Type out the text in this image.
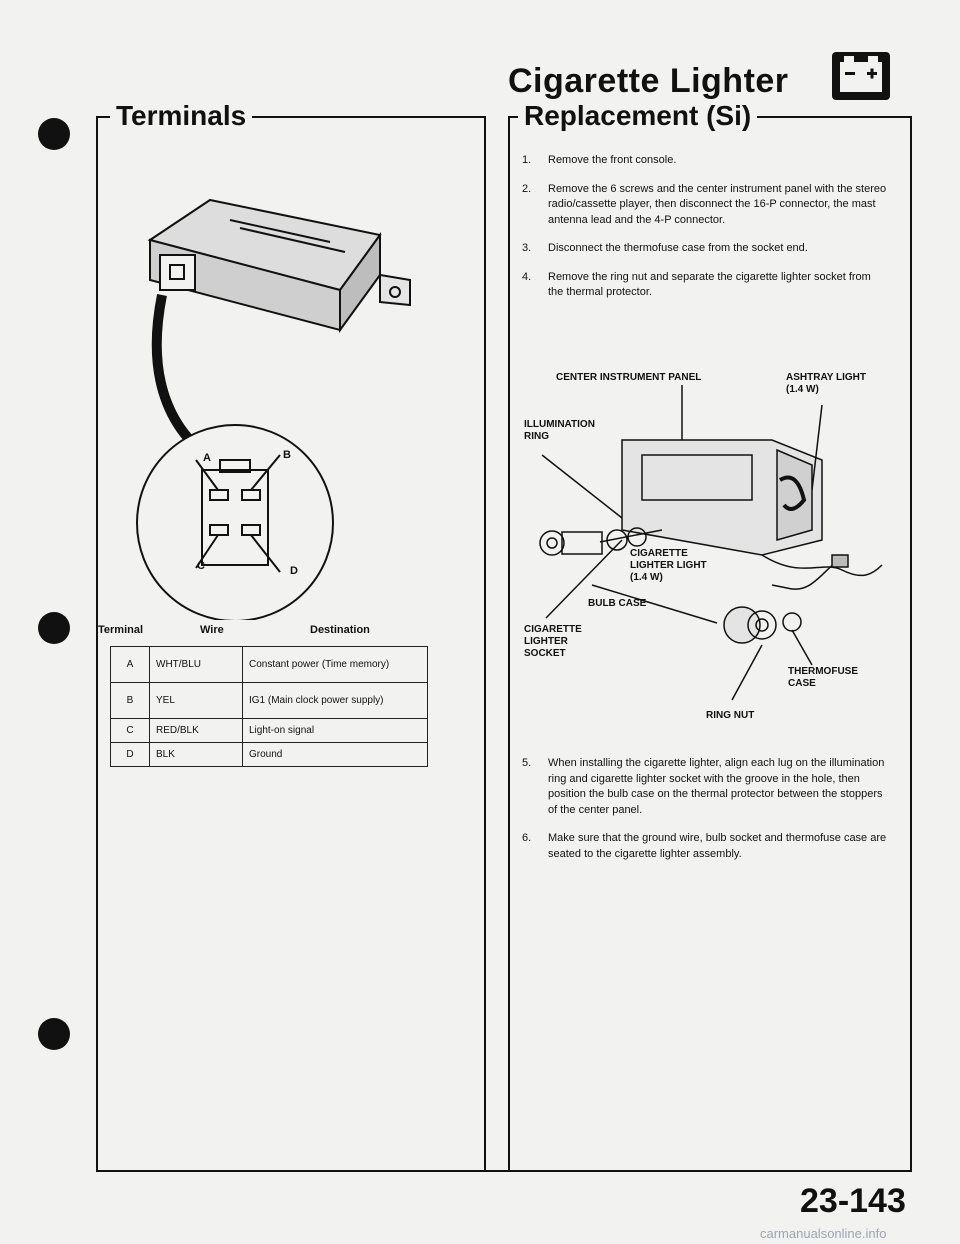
Cigarette Lighter
Terminals	Replacement (Si)
A	B
C	D
Terminal	Wire	Destination
A	WHT/BLU	Constant power (Time memory)
B	YEL	IG1 (Main clock power supply)
C	RED/BLK	Light-on signal
D	BLK	Ground
1.	Remove the front console.
2.	Remove the 6 screws and the center instrument panel with the stereo radio/cassette player, then disconnect the 16-P connector, the mast antenna lead and the 4-P connector.
3.	Disconnect the thermofuse case from the socket end.
4.	Remove the ring nut and separate the cigarette lighter socket from the thermal protector.
CENTER INSTRUMENT PANEL	ASHTRAY LIGHT
(1.4 W)
ILLUMINATION
RING
CIGARETTE
LIGHTER LIGHT
(1.4 W)
BULB CASE
CIGARETTE
LIGHTER
SOCKET
THERMOFUSE
CASE
RING NUT
5.	When installing the cigarette lighter, align each lug on the illumination ring and cigarette lighter socket with the groove in the hole, then position the bulb case on the thermal protector between the stoppers of the center panel.
6.	Make sure that the ground wire, bulb socket and thermofuse case are seated to the cigarette lighter assembly.
23-143
carmanualsonline.info
